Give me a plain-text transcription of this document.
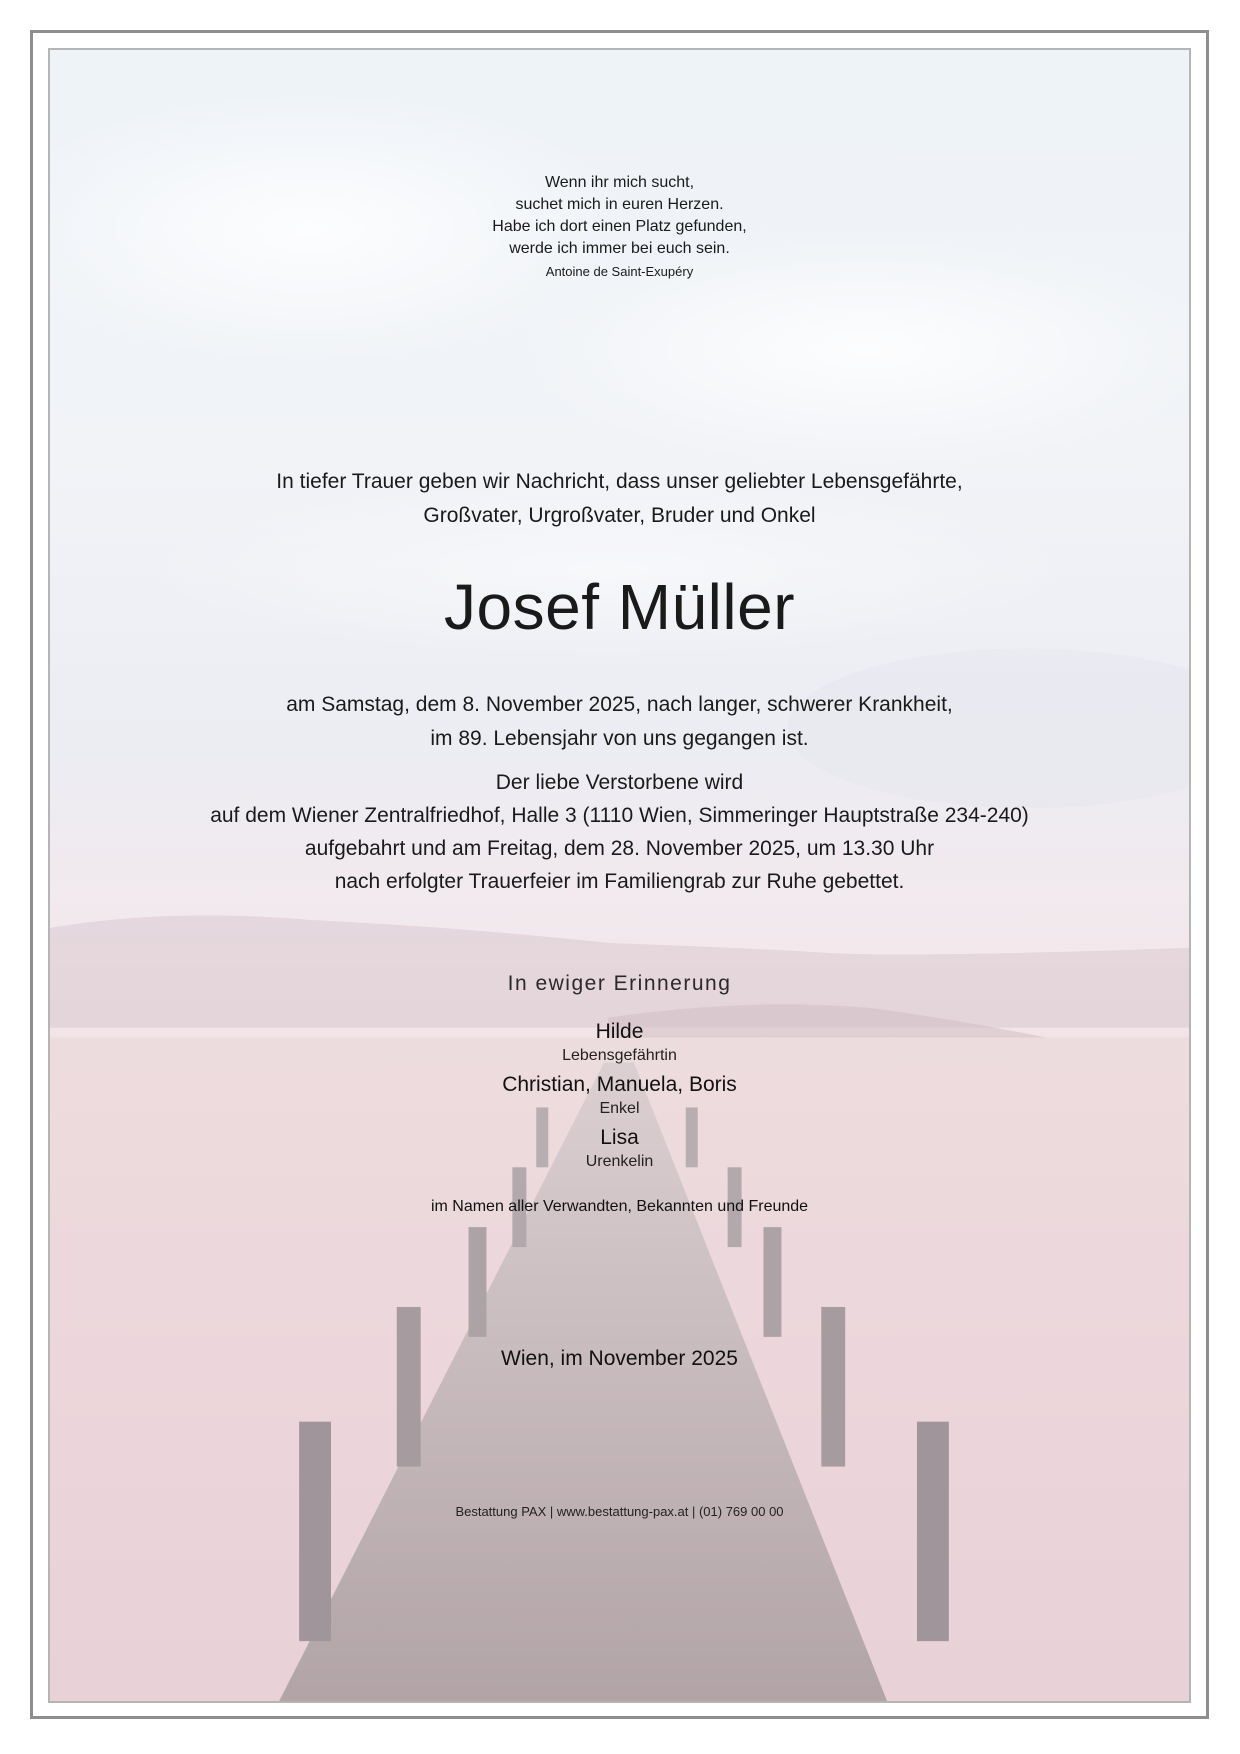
Wenn ihr mich sucht,

suchet mich in euren Herzen.

Habe ich dort einen Platz gefunden,

werde ich immer bei euch sein.

Antoine de Saint-Exupéry

In tiefer Trauer geben wir Nachricht, dass unser geliebter Lebensgefährte,

Großvater, Urgroßvater, Bruder und Onkel

Josef Müller

am Samstag, dem 8. November 2025, nach langer, schwerer Krankheit,

im 89. Lebensjahr von uns gegangen ist.

Der liebe Verstorbene wird

auf dem Wiener Zentralfriedhof, Halle 3 (1110 Wien, Simmeringer Hauptstraße 234-240)

aufgebahrt und am Freitag, dem 28. November 2025, um 13.30 Uhr

nach erfolgter Trauerfeier im Familiengrab zur Ruhe gebettet.

In ewiger Erinnerung

Hilde

Lebensgefährtin

Christian, Manuela, Boris

Enkel

Lisa

Urenkelin

im Namen aller Verwandten, Bekannten und Freunde

Wien, im November 2025

Bestattung PAX | www.bestattung-pax.at | (01) 769 00 00
